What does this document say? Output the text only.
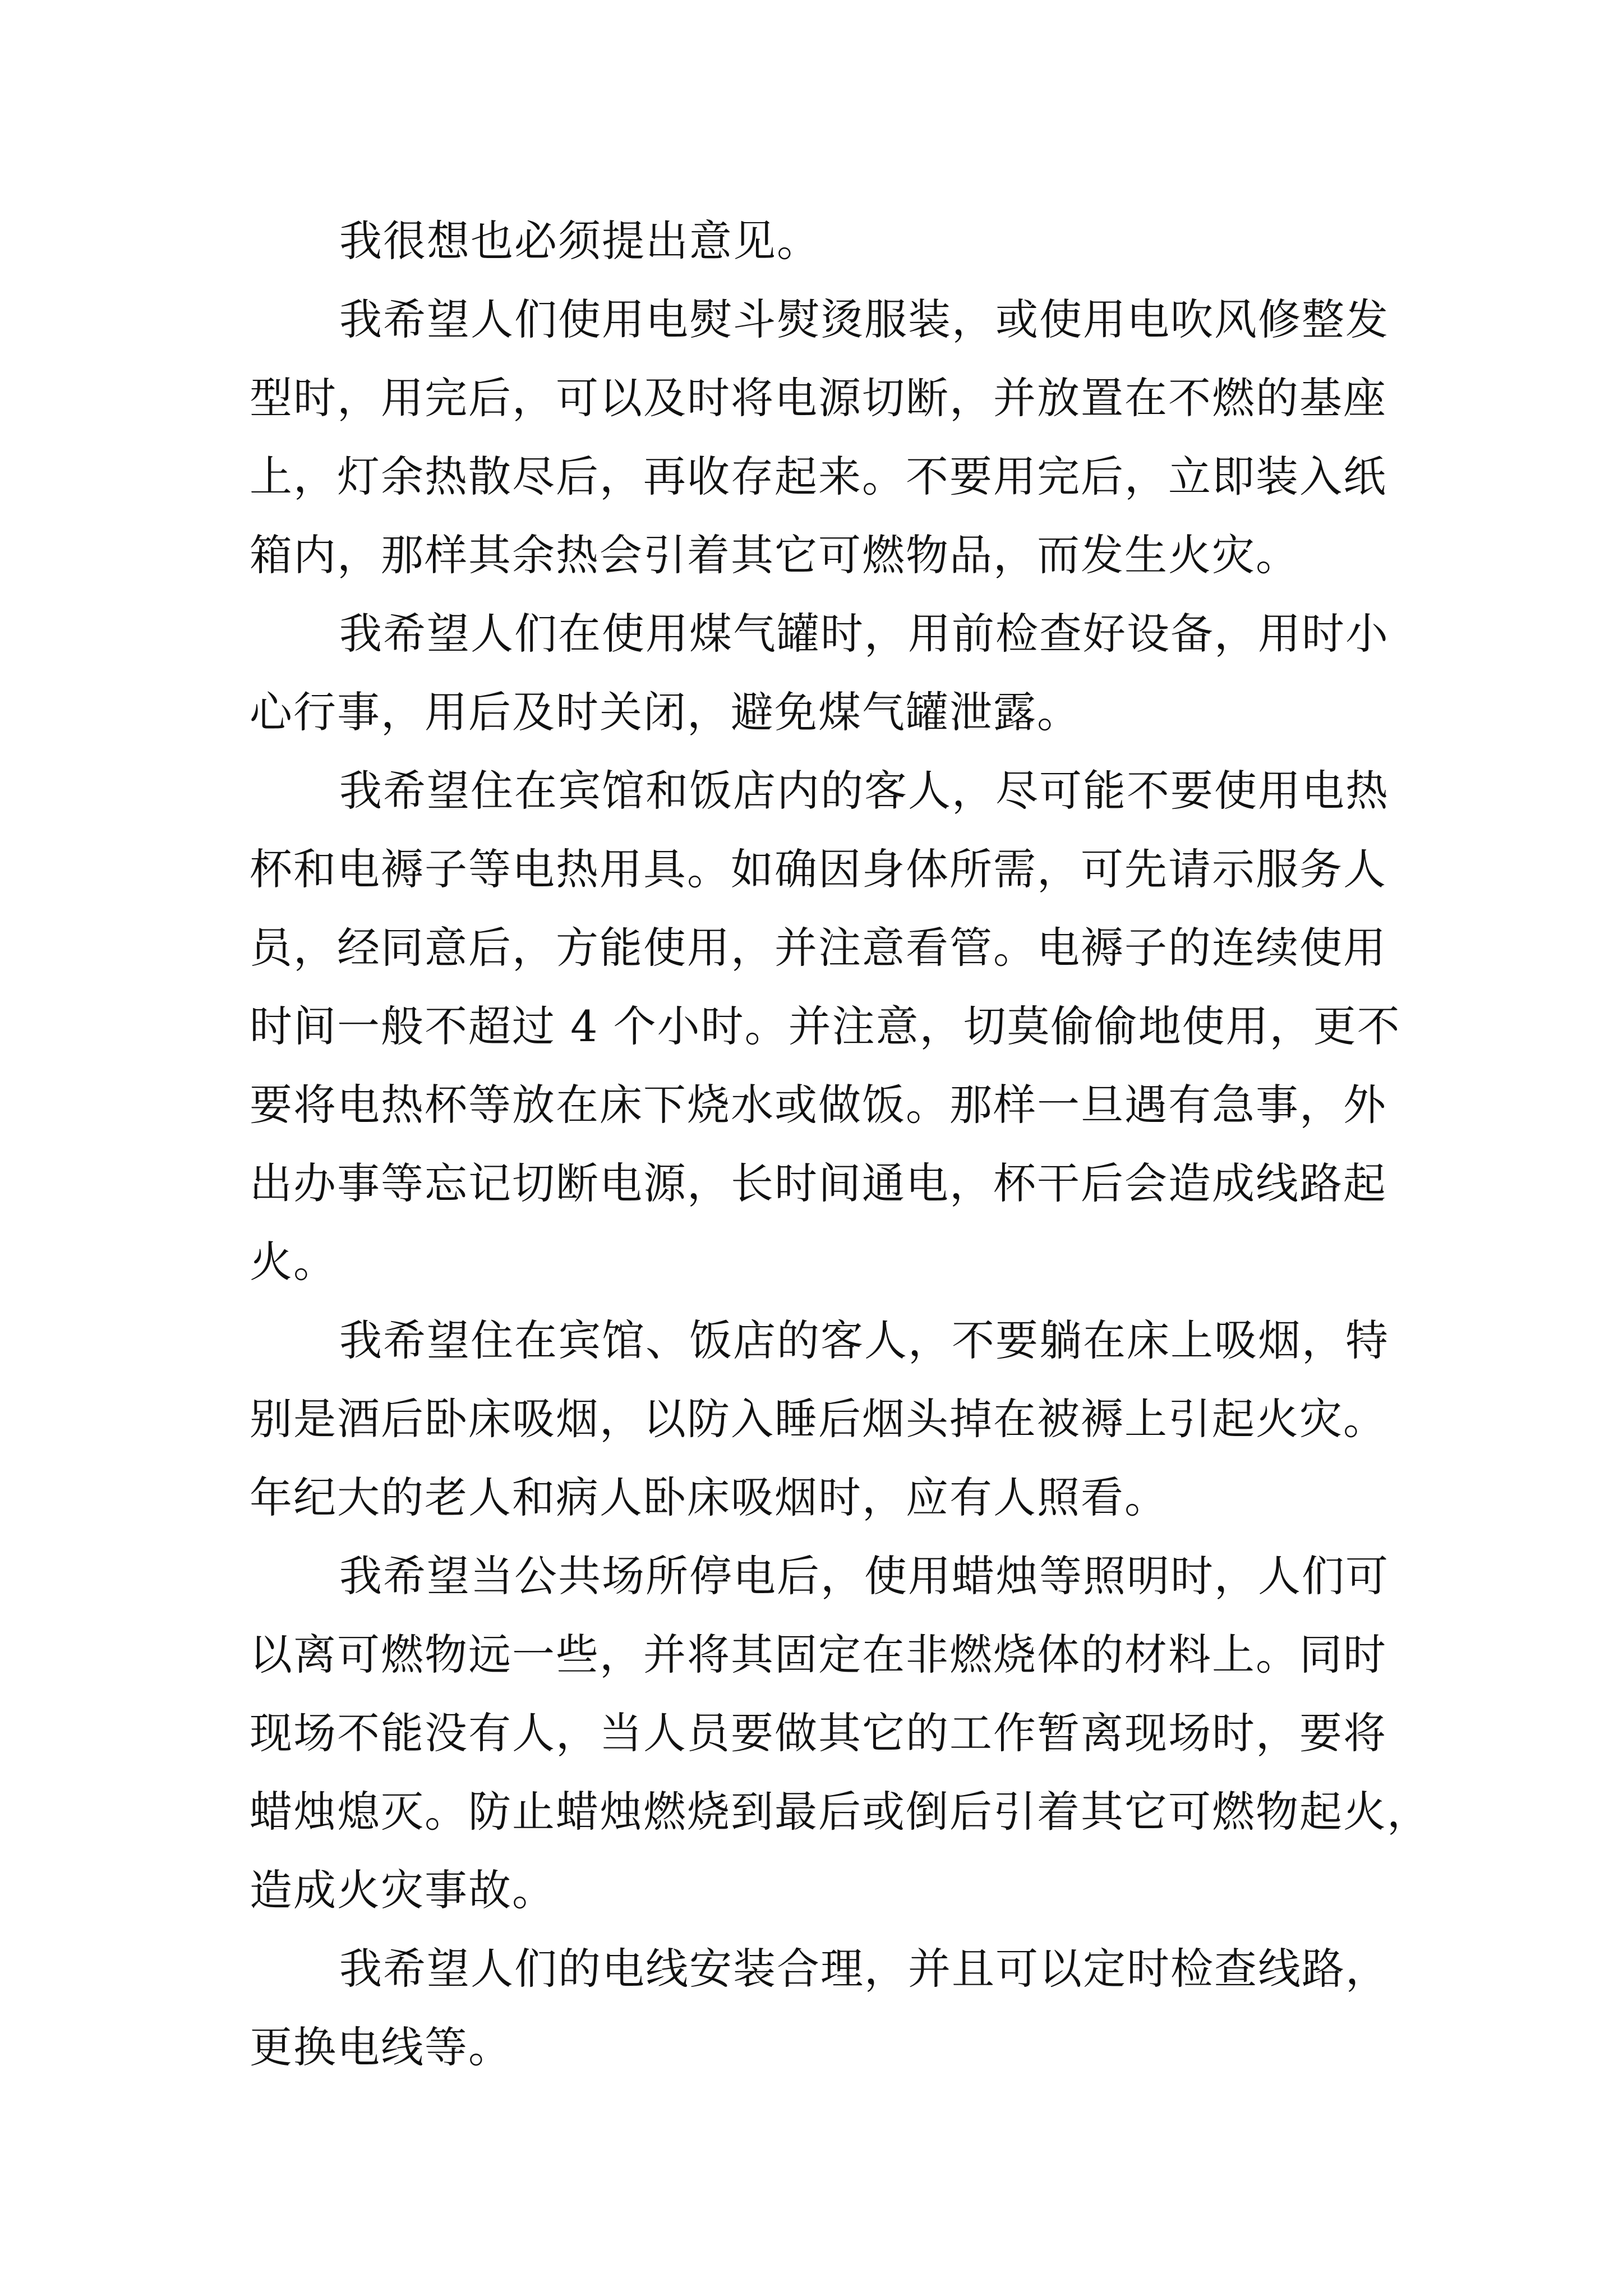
我很想也必须提出意见。
我希望人们使用电熨斗熨烫服装，或使用电吹风修整发
型时，用完后，可以及时将电源切断，并放置在不燃的基座
上，灯余热散尽后，再收存起来。不要用完后，立即装入纸
箱内，那样其余热会引着其它可燃物品，而发生火灾。
我希望人们在使用煤气罐时，用前检查好设备，用时小
心行事，用后及时关闭，避免煤气罐泄露。
我希望住在宾馆和饭店内的客人，尽可能不要使用电热
杯和电褥子等电热用具。如确因身体所需，可先请示服务人
员，经同意后，方能使用，并注意看管。电褥子的连续使用
时间一般不超过 4 个小时。并注意，切莫偷偷地使用，更不
要将电热杯等放在床下烧水或做饭。那样一旦遇有急事，外
出办事等忘记切断电源，长时间通电，杯干后会造成线路起
火。
我希望住在宾馆、饭店的客人，不要躺在床上吸烟，特
别是酒后卧床吸烟，以防入睡后烟头掉在被褥上引起火灾。
年纪大的老人和病人卧床吸烟时，应有人照看。
我希望当公共场所停电后，使用蜡烛等照明时，人们可
以离可燃物远一些，并将其固定在非燃烧体的材料上。同时
现场不能没有人，当人员要做其它的工作暂离现场时，要将
蜡烛熄灭。防止蜡烛燃烧到最后或倒后引着其它可燃物起火，
造成火灾事故。
我希望人们的电线安装合理，并且可以定时检查线路，
更换电线等。
